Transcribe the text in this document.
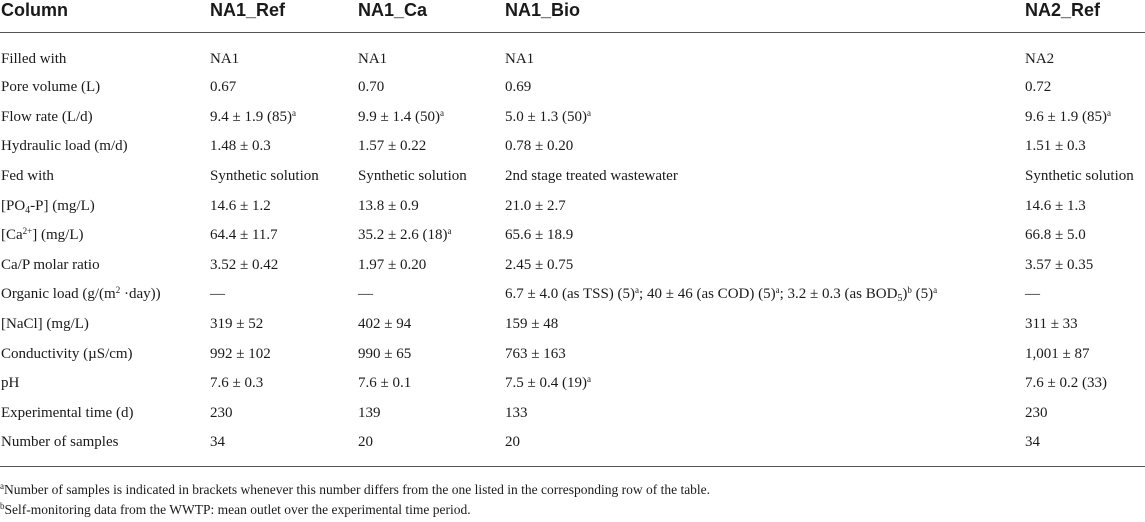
Column	NA1_Ref	NA1_Ca	NA1_Bio	NA2_Ref
Filled with	NA1	NA1	NA1	NA2
Pore volume (L)	0.67	0.70	0.69	0.72
Flow rate (L/d)	9.4 ± 1.9 $(85)^a$	9.9 ± 1.4 $(50)^a$	5.0 ± 1.3 $(50)^a$	9.6 ± 1.9 $(85)^a$
Hydraulic load (m/d)	1.48 ± 0.3	1.57 ± 0.22	0.78 ± 0.20	1.51 ± 0.3
Fed with	Synthetic solution	Synthetic solution	2nd stage treated wastewater	Synthetic solution
$[PO_4-P]$ (mg/L)	14.6 ± 1.2	13.8 ± 0.9	21.0 ± 2.7	14.6 ± 1.3
$[Ca^{2+}]$ (mg/L)	64.4 ± 11.7	35.2 ± 2.6 $(18)^a$	65.6 ± 18.9	66.8 ± 5.0
Ca/P molar ratio	3.52 ± 0.42	1.97 ± 0.20	2.45 ± 0.75	3.57 ± 0.35
Organic load $(g/(m^2 \cdot day))$	—	—	6.7 ± 4.0 (as TSS) $(5)^a$; 40 ± 46 (as COD) $(5)^a$; 3.2 ± 0.3 (as $BOD_5)^b$ $(5)^a$	—
[NaCl] (mg/L)	319 ± 52	402 ± 94	159 ± 48	311 ± 33
Conductivity (µS/cm)	992 ± 102	990 ± 65	763 ± 163	1,001 ± 87
pH	7.6 ± 0.3	7.6 ± 0.1	7.5 ± 0.4 $(19)^a$	7.6 ± 0.2 (33)
Experimental time (d)	230	139	133	230
Number of samples	34	20	20	34
$^a$Number of samples is indicated in brackets whenever this number differs from the one listed in the corresponding row of the table.
$^b$Self-monitoring data from the WWTP: mean outlet over the experimental time period.
